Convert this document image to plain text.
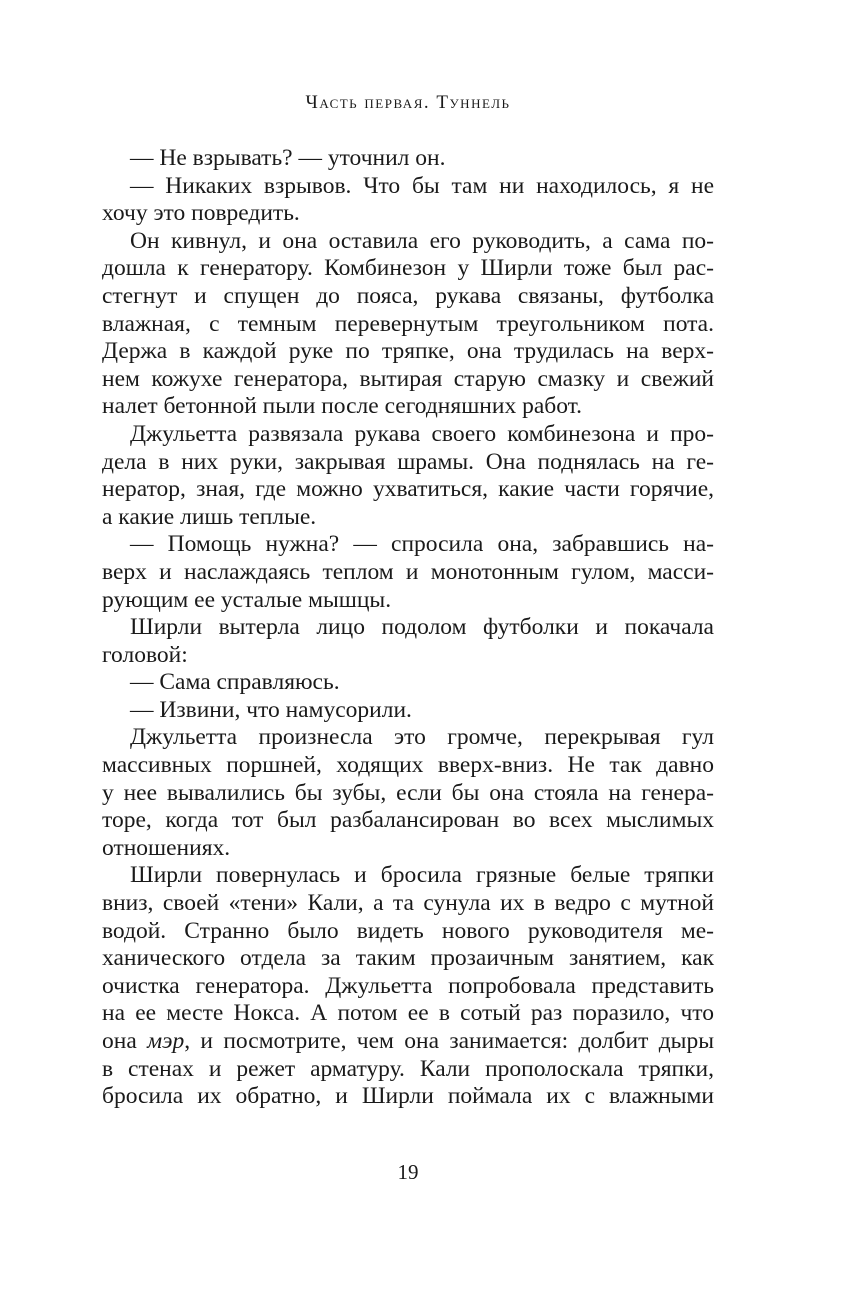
Часть первая. Туннель
— Не взрывать? — уточнил он.
— Никаких взрывов. Что бы там ни находилось, я не
хочу это повредить.
Он кивнул, и она оставила его руководить, а сама по-
дошла к генератору. Комбинезон у Ширли тоже был рас-
стегнут и спущен до пояса, рукава связаны, футболка
влажная, с темным перевернутым треугольником пота.
Держа в каждой руке по тряпке, она трудилась на верх-
нем кожухе генератора, вытирая старую смазку и свежий
налет бетонной пыли после сегодняшних работ.
Джульетта развязала рукава своего комбинезона и про-
дела в них руки, закрывая шрамы. Она поднялась на ге-
нератор, зная, где можно ухватиться, какие части горячие,
а какие лишь теплые.
— Помощь нужна? — спросила она, забравшись на-
верх и наслаждаясь теплом и монотонным гулом, масси-
рующим ее усталые мышцы.
Ширли вытерла лицо подолом футболки и покачала
головой:
— Сама справляюсь.
— Извини, что намусорили.
Джульетта произнесла это громче, перекрывая гул
массивных поршней, ходящих вверх-вниз. Не так давно
у нее вывалились бы зубы, если бы она стояла на генера-
торе, когда тот был разбалансирован во всех мыслимых
отношениях.
Ширли повернулась и бросила грязные белые тряпки
вниз, своей «тени» Кали, а та сунула их в ведро с мутной
водой. Странно было видеть нового руководителя ме-
ханического отдела за таким прозаичным занятием, как
очистка генератора. Джульетта попробовала представить
на ее месте Нокса. А потом ее в сотый раз поразило, что
она мэр, и посмотрите, чем она занимается: долбит дыры
в стенах и режет арматуру. Кали прополоскала тряпки,
бросила их обратно, и Ширли поймала их с влажными
19
